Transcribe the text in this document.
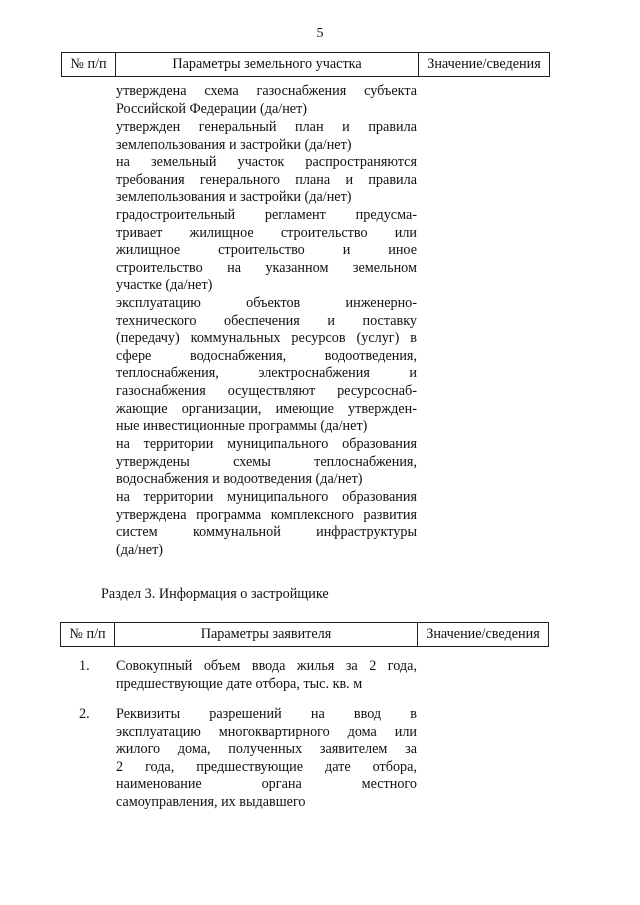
5
№ п/п	Параметры земельного участка	Значение/сведения
утверждена схема газоснабжения субъекта
Российской Федерации (да/нет)
утвержден генеральный план и правила
землепользования и застройки (да/нет)
на земельный участок распространяются
требования генерального плана и правила
землепользования и застройки (да/нет)
градостроительный регламент предусма-
тривает жилищное строительство или
жилищное строительство и иное
строительство на указанном земельном
участке (да/нет)
эксплуатацию объектов инженерно-
технического обеспечения и поставку
(передачу) коммунальных ресурсов (услуг) в
сфере водоснабжения, водоотведения,
теплоснабжения, электроснабжения и
газоснабжения осуществляют ресурсоснаб-
жающие организации, имеющие утвержден-
ные инвестиционные программы (да/нет)
на территории муниципального образования
утверждены схемы теплоснабжения,
водоснабжения и водоотведения (да/нет)
на территории муниципального образования
утверждена программа комплексного развития
систем коммунальной инфраструктуры
(да/нет)
Раздел 3. Информация о застройщике
№ п/п	Параметры заявителя	Значение/сведения
1.	Совокупный объем ввода жилья за 2 года,
предшествующие дате отбора, тыс. кв. м
2.	Реквизиты разрешений на ввод в
эксплуатацию многоквартирного дома или
жилого дома, полученных заявителем за
2 года, предшествующие дате отбора,
наименование органа местного
самоуправления, их выдавшего
